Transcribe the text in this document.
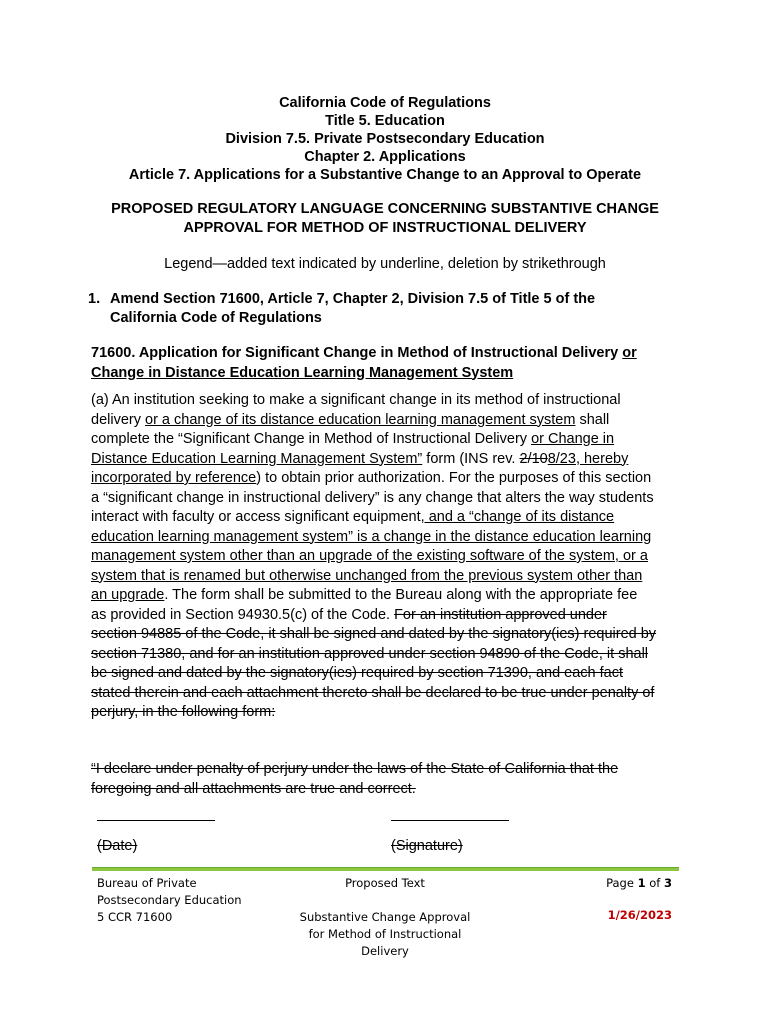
California Code of Regulations
Title 5. Education
Division 7.5. Private Postsecondary Education
Chapter 2. Applications
Article 7. Applications for a Substantive Change to an Approval to Operate
PROPOSED REGULATORY LANGUAGE CONCERNING SUBSTANTIVE CHANGE
APPROVAL FOR METHOD OF INSTRUCTIONAL DELIVERY
Legend—added text indicated by underline, deletion by strikethrough
1. Amend Section 71600, Article 7, Chapter 2, Division 7.5 of Title 5 of the
California Code of Regulations
71600. Application for Significant Change in Method of Instructional Delivery or
Change in Distance Education Learning Management System
(a) An institution seeking to make a significant change in its method of instructional
delivery or a change of its distance education learning management system shall
complete the “Significant Change in Method of Instructional Delivery or Change in
Distance Education Learning Management System” form (INS rev. 2/108/23, hereby
incorporated by reference) to obtain prior authorization. For the purposes of this section
a “significant change in instructional delivery” is any change that alters the way students
interact with faculty or access significant equipment, and a “change of its distance
education learning management system” is a change in the distance education learning
management system other than an upgrade of the existing software of the system, or a
system that is renamed but otherwise unchanged from the previous system other than
an upgrade. The form shall be submitted to the Bureau along with the appropriate fee
as provided in Section 94930.5(c) of the Code. For an institution approved under
section 94885 of the Code, it shall be signed and dated by the signatory(ies) required by
section 71380, and for an institution approved under section 94890 of the Code, it shall
be signed and dated by the signatory(ies) required by section 71390, and each fact
stated therein and each attachment thereto shall be declared to be true under penalty of
perjury, in the following form:
“I declare under penalty of perjury under the laws of the State of California that the
foregoing and all attachments are true and correct.
(Date)	(Signature)
Bureau of Private
Postsecondary Education
5 CCR 71600
Proposed Text
Substantive Change Approval
for Method of Instructional
Delivery
Page 1 of 3
1/26/2023
